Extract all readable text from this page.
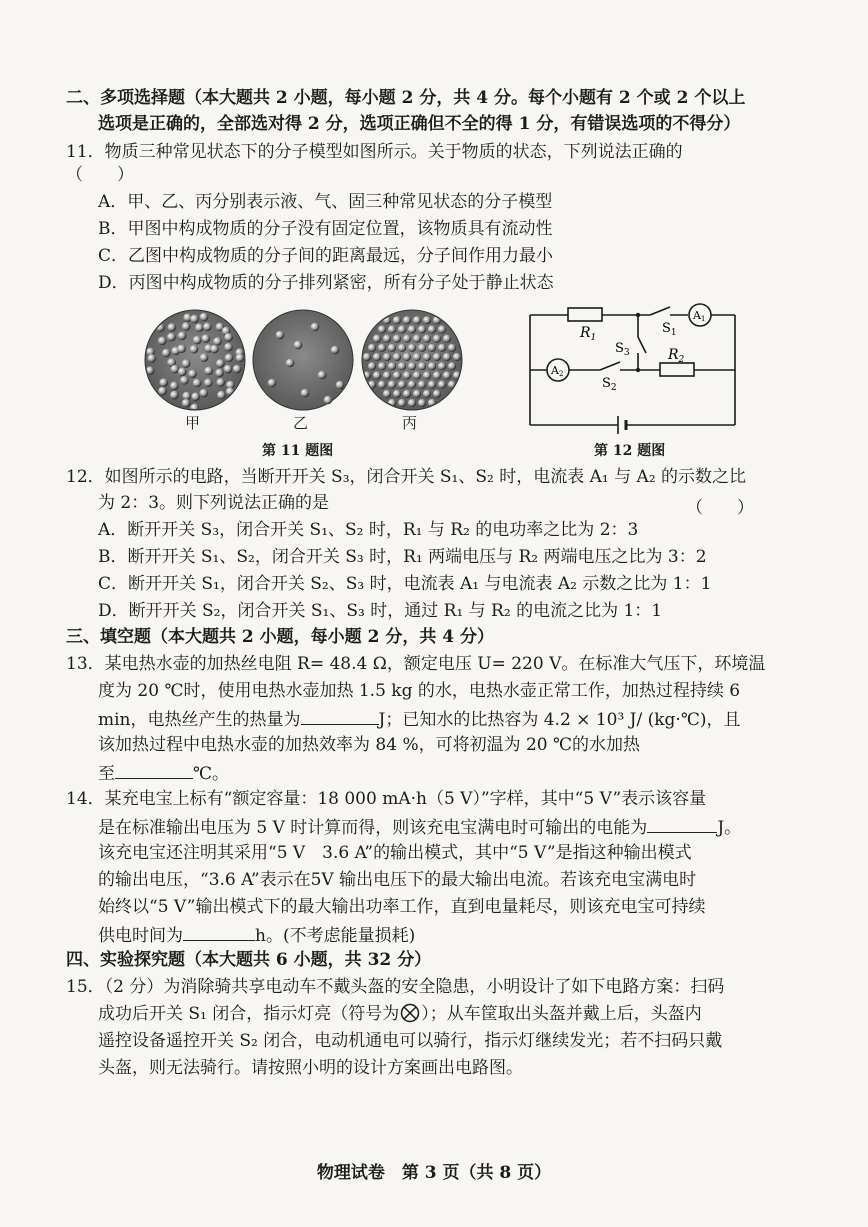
二、多项选择题（本大题共 2 小题，每小题 2 分，共 4 分。每个小题有 2 个或 2 个以上
选项是正确的，全部选对得 2 分，选项正确但不全的得 1 分，有错误选项的不得分）
11．物质三种常见状态下的分子模型如图所示。关于物质的状态，下列说法正确的
（　　）
A．甲、乙、丙分别表示液、气、固三种常见状态的分子模型
B．甲图中构成物质的分子没有固定位置，该物质具有流动性
C．乙图中构成物质的分子间的距离最远，分子间作用力最小
D．丙图中构成物质的分子排列紧密，所有分子处于静止状态
甲	乙	丙
第 11 题图
$R_1$
$R_2$
$S_1$
$S_3$
$S_2$
A1
A2
第 12 题图
12．如图所示的电路，当断开开关 S₃，闭合开关 S₁、S₂ 时，电流表 A₁ 与 A₂ 的示数之比
为 2：3。则下列说法正确的是	（　　）
A．断开开关 S₃，闭合开关 S₁、S₂ 时，R₁ 与 R₂ 的电功率之比为 2：3
B．断开开关 S₁、S₂，闭合开关 S₃ 时，R₁ 两端电压与 R₂ 两端电压之比为 3：2
C．断开开关 S₁，闭合开关 S₂、S₃ 时，电流表 A₁ 与电流表 A₂ 示数之比为 1：1
D．断开开关 S₂，闭合开关 S₁、S₃ 时，通过 R₁ 与 R₂ 的电流之比为 1：1
三、填空题（本大题共 2 小题，每小题 2 分，共 4 分）
13．某电热水壶的加热丝电阻 R= 48.4 Ω，额定电压 U= 220 V。在标准大气压下，环境温
度为 20 ℃时，使用电热水壶加热 1.5 kg 的水，电热水壶正常工作，加热过程持续 6
min，电热丝产生的热量为	J；已知水的比热容为 4.2 × 10³ J/ (kg·℃)，且
该加热过程中电热水壶的加热效率为 84 %，可将初温为 20 ℃的水加热
至	℃。
14．某充电宝上标有“额定容量：18 000 mA·h（5 V）”字样，其中“5 V”表示该容量
是在标准输出电压为 5 V 时计算而得，则该充电宝满电时可输出的电能为	J。
该充电宝还注明其采用“5 V　3.6 A”的输出模式，其中“5 V”是指这种输出模式
的输出电压，“3.6 A”表示在5V 输出电压下的最大输出电流。若该充电宝满电时
始终以“5 V”输出模式下的最大输出功率工作，直到电量耗尽，则该充电宝可持续
供电时间为	h。(不考虑能量损耗)
四、实验探究题（本大题共 6 小题，共 32 分）
15．（2 分）为消除骑共享电动车不戴头盔的安全隐患，小明设计了如下电路方案：扫码
成功后开关 S₁ 闭合，指示灯亮（符号为 ）；从车筐取出头盔并戴上后，头盔内
遥控设备遥控开关 S₂ 闭合，电动机通电可以骑行，指示灯继续发光；若不扫码只戴
头盔，则无法骑行。请按照小明的设计方案画出电路图。
物理试卷　第 3 页（共 8 页）
